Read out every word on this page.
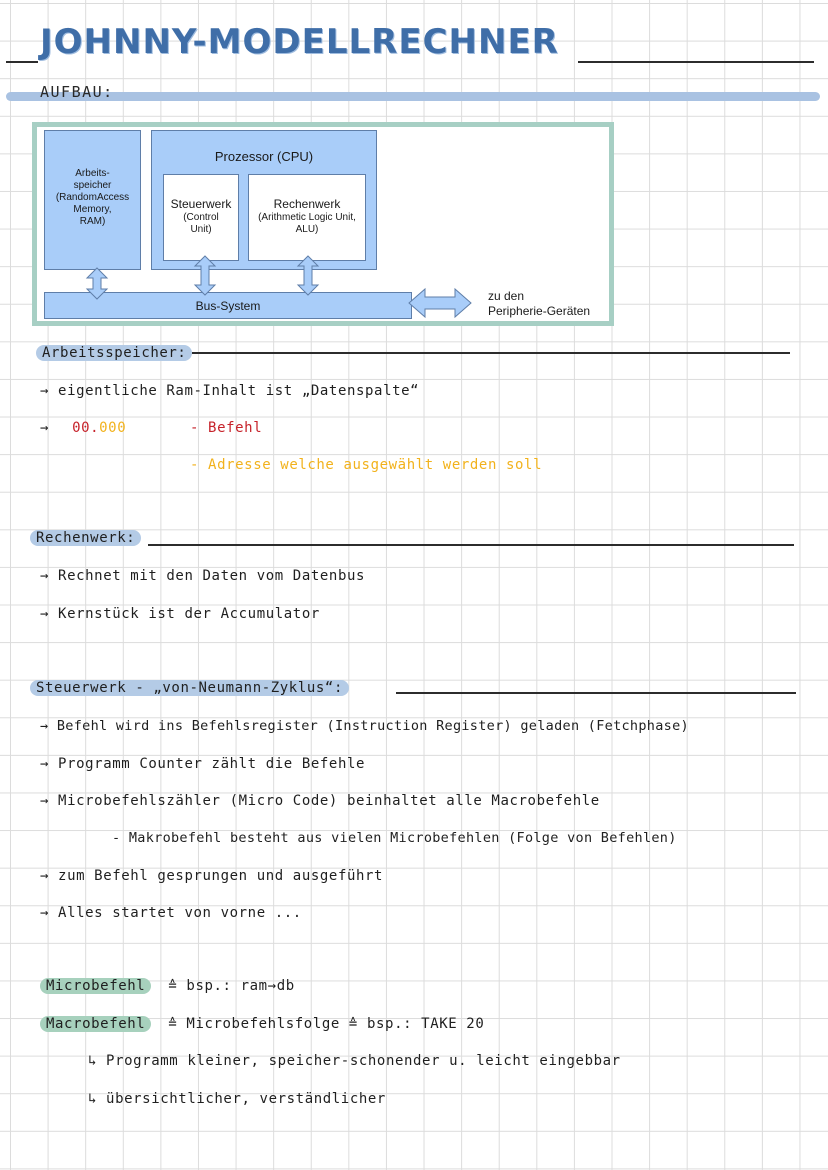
JOHNNY-MODELLRECHNER
AUFBAU:
Arbeits-
speicher
(RandomAccess
Memory,
RAM)
Prozessor (CPU)
Steuerwerk
(Control
Unit)
Rechenwerk
(Arithmetic Logic Unit,
ALU)
Bus-System
zu den
Peripherie-Geräten
Arbeitsspeicher:
→ eigentliche Ram-Inhalt ist „Datenspalte“
→ 00.000	- Befehl
- Adresse welche ausgewählt werden soll
Rechenwerk:
→ Rechnet mit den Daten vom Datenbus
→ Kernstück ist der Accumulator
Steuerwerk - „von-Neumann-Zyklus“:
→ Befehl wird ins Befehlsregister (Instruction Register) geladen (Fetchphase)
→ Programm Counter zählt die Befehle
→ Microbefehlszähler (Micro Code) beinhaltet alle Macrobefehle
- Makrobefehl besteht aus vielen Microbefehlen (Folge von Befehlen)
→ zum Befehl gesprungen und ausgeführt
→ Alles startet von vorne ...
Microbefehl ≙ bsp.: ram→db
Macrobefehl ≙ Microbefehlsfolge ≙ bsp.: TAKE 20
↳ Programm kleiner, speicher-schonender u. leicht eingebbar
↳ übersichtlicher, verständlicher
